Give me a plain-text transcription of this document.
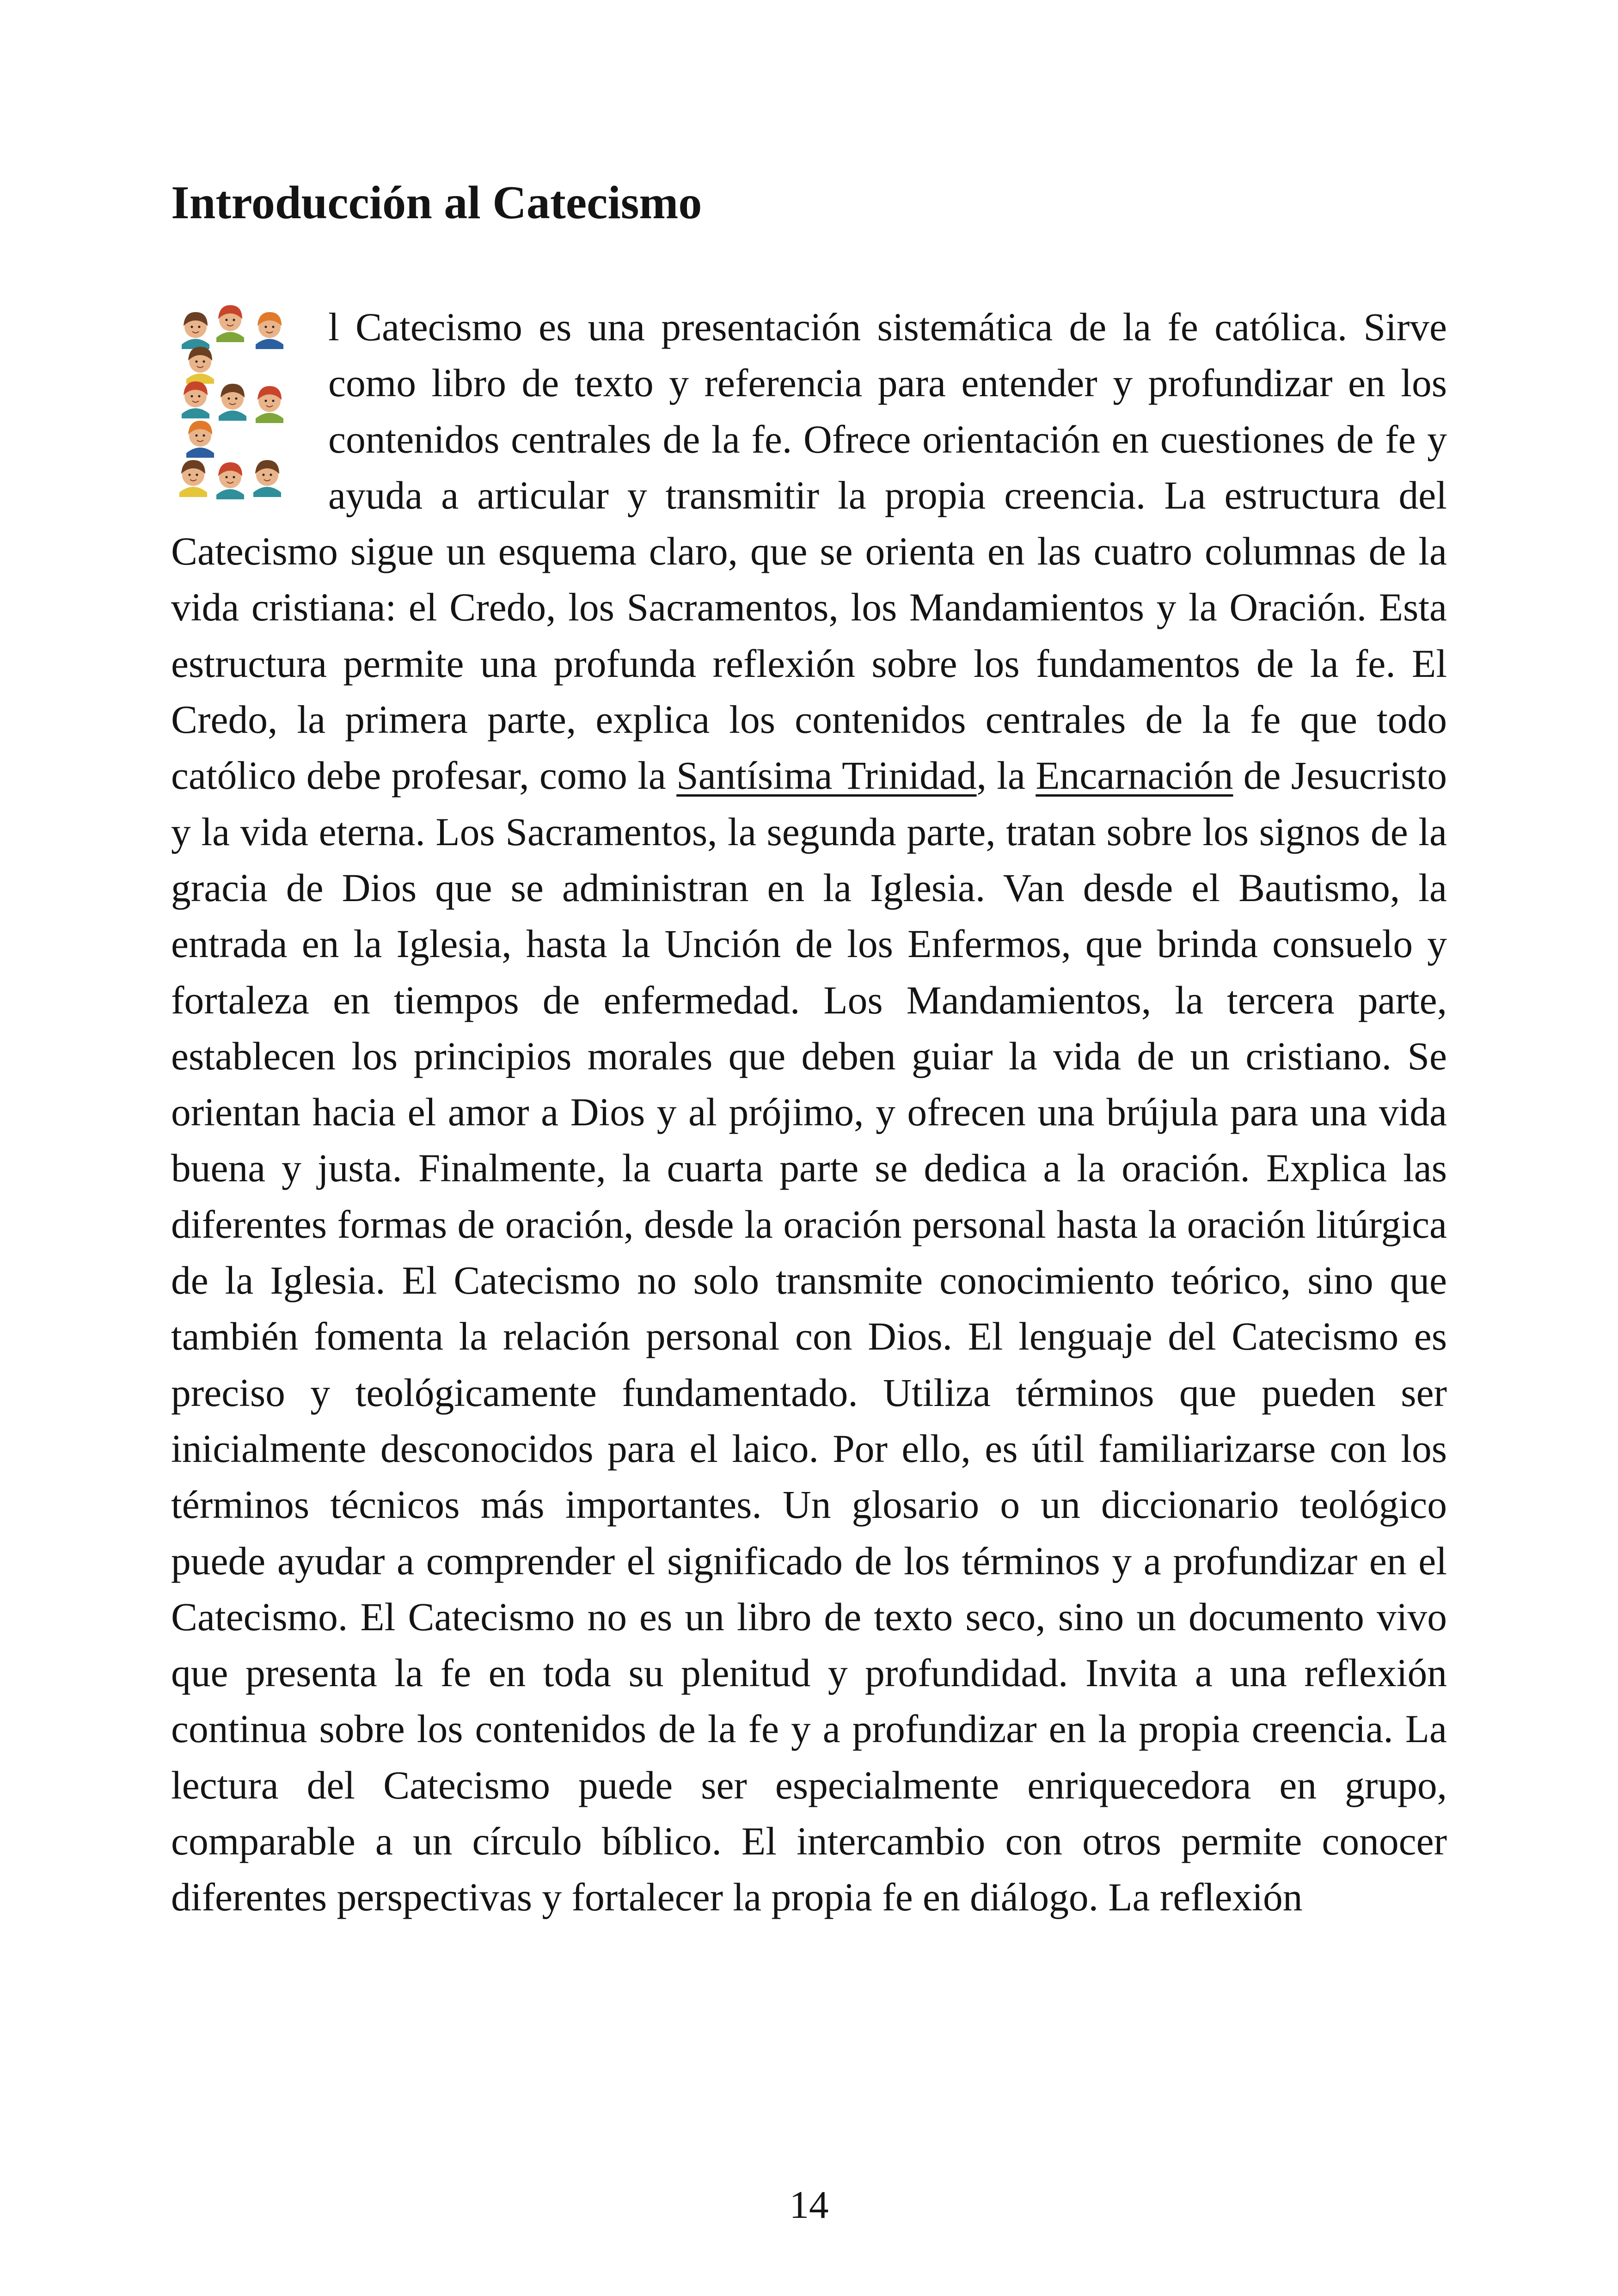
Introducción al Catecismo

l Catecismo es una presentación sistemática de la fe católica. Sirve como libro de texto y referencia para entender y profundizar en los contenidos centrales de la fe. Ofrece orientación en cuestiones de fe y ayuda a articular y transmitir la propia creencia. La estructura del Catecismo sigue un esquema claro, que se orienta en las cuatro columnas de la vida cristiana: el Credo, los Sacramentos, los Mandamientos y la Oración. Esta estructura permite una profunda reflexión sobre los fundamentos de la fe. El Credo, la primera parte, explica los contenidos centrales de la fe que todo católico debe profesar, como la Santísima Trinidad, la Encarnación de Jesucristo y la vida eterna. Los Sacramentos, la segunda parte, tratan sobre los signos de la gracia de Dios que se administran en la Iglesia. Van desde el Bautismo, la entrada en la Iglesia, hasta la Unción de los Enfermos, que brinda consuelo y fortaleza en tiempos de enfermedad. Los Mandamientos, la tercera parte, establecen los principios morales que deben guiar la vida de un cristiano. Se orientan hacia el amor a Dios y al prójimo, y ofrecen una brújula para una vida buena y justa. Finalmente, la cuarta parte se dedica a la oración. Explica las diferentes formas de oración, desde la oración personal hasta la oración litúrgica de la Iglesia. El Catecismo no solo transmite conocimiento teórico, sino que también fomenta la relación personal con Dios. El lenguaje del Catecismo es preciso y teológicamente fundamentado. Utiliza términos que pueden ser inicialmente desconocidos para el laico. Por ello, es útil familiarizarse con los términos técnicos más importantes. Un glosario o un diccionario teológico puede ayudar a comprender el significado de los términos y a profundizar en el Catecismo. El Catecismo no es un libro de texto seco, sino un documento vivo que presenta la fe en toda su plenitud y profundidad. Invita a una reflexión continua sobre los contenidos de la fe y a profundizar en la propia creencia. La lectura del Catecismo puede ser especialmente enriquecedora en grupo, comparable a un círculo bíblico. El intercambio con otros permite conocer diferentes perspectivas y fortalecer la propia fe en diálogo. La reflexión

14
